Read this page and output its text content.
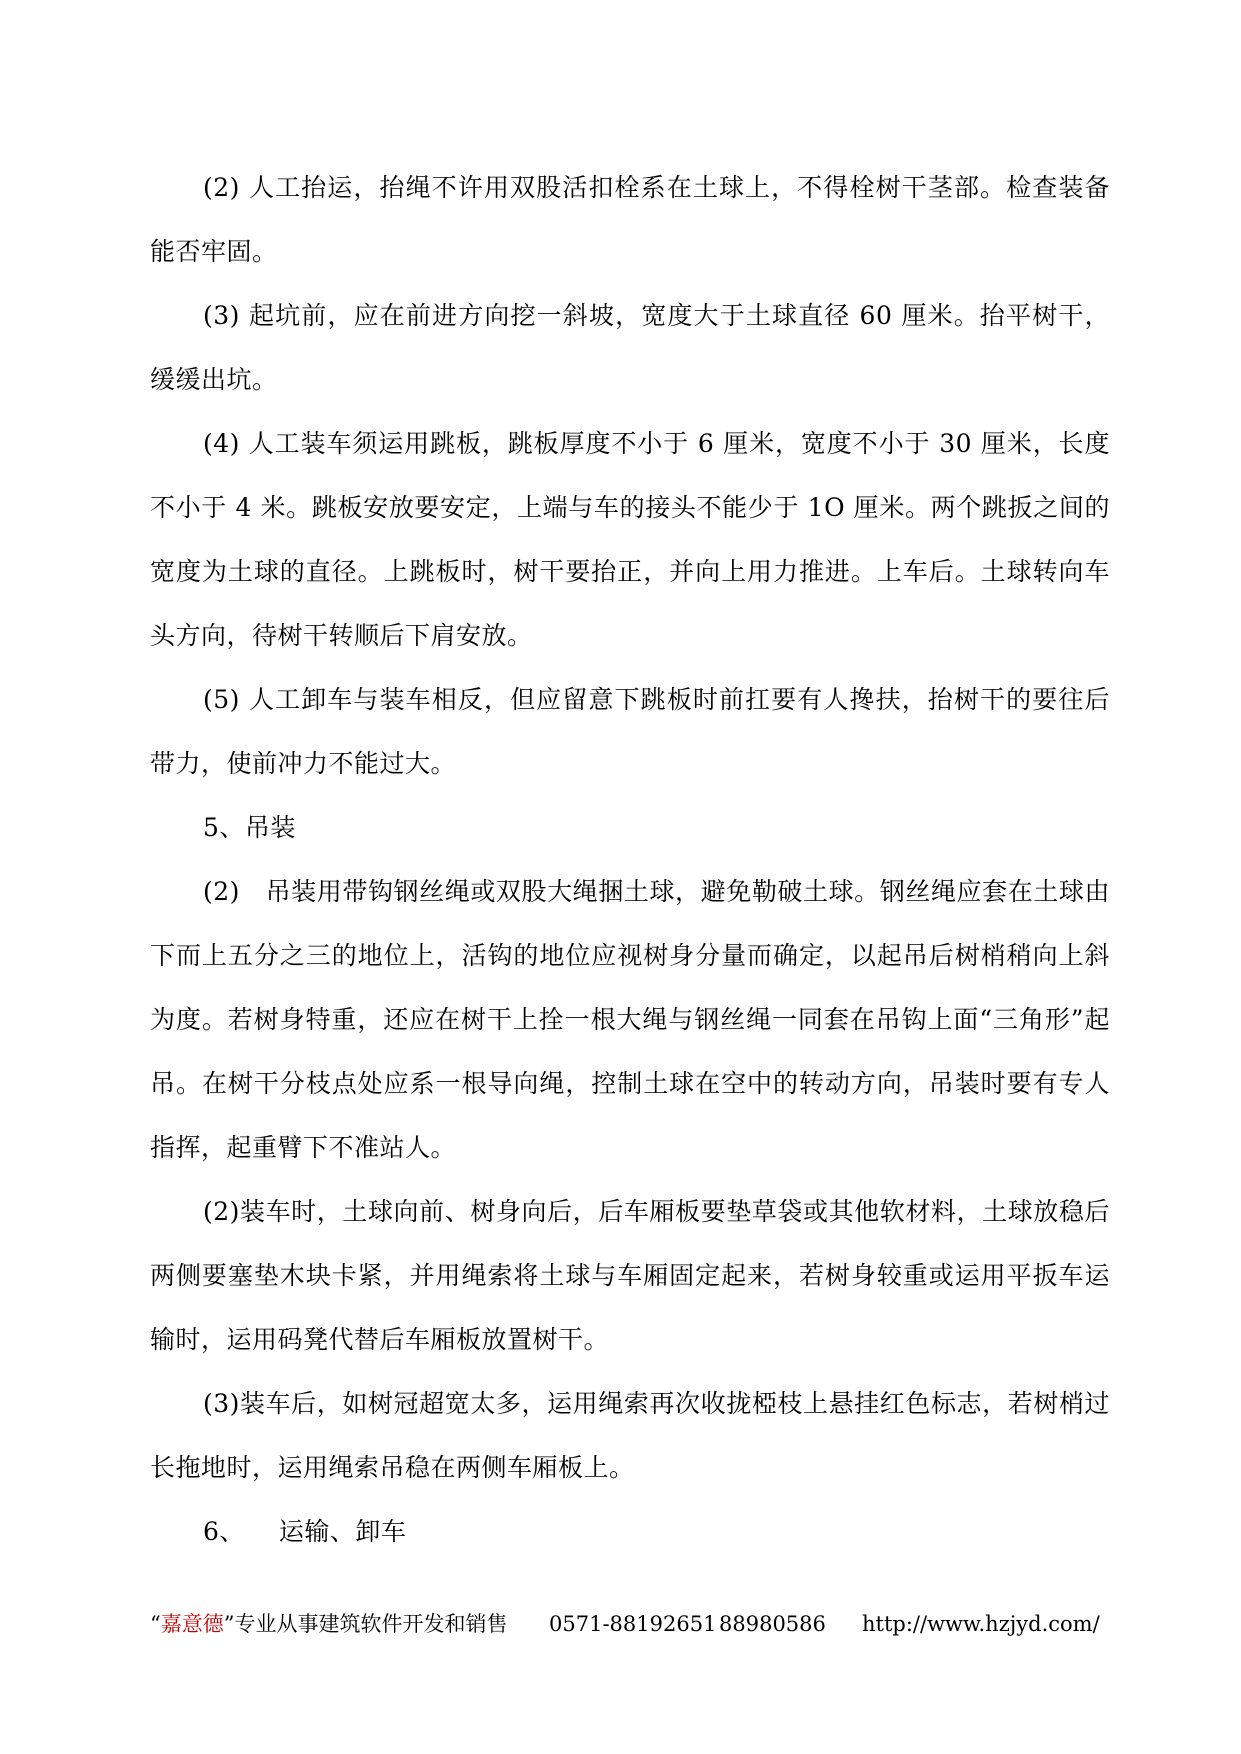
(2) 人工抬运，抬绳不许用双股活扣栓系在土球上，不得栓树干茎部。检查装备能否牢固。

(3) 起坑前，应在前进方向挖一斜坡，宽度大于土球直径 60 厘米。抬平树干，缓缓出坑。

(4) 人工装车须运用跳板，跳板厚度不小于 6 厘米，宽度不小于 30 厘米，长度不小于 4 米。跳板安放要安定，上端与车的接头不能少于 1O 厘米。两个跳扳之间的宽度为土球的直径。上跳板时，树干要抬正，并向上用力推进。上车后。土球转向车头方向，待树干转顺后下肩安放。

(5) 人工卸车与装车相反，但应留意下跳板时前扛要有人搀扶，抬树干的要往后带力，使前冲力不能过大。

5、吊装

(2)　吊装用带钩钢丝绳或双股大绳捆土球，避免勒破土球。钢丝绳应套在土球由下而上五分之三的地位上，活钩的地位应视树身分量而确定，以起吊后树梢稍向上斜为度。若树身特重，还应在树干上拴一根大绳与钢丝绳一同套在吊钩上面“三角形”起吊。在树干分枝点处应系一根导向绳，控制土球在空中的转动方向，吊装时要有专人指挥，起重臂下不准站人。

(2)装车时，土球向前、树身向后，后车厢板要垫草袋或其他软材料，土球放稳后两侧要塞垫木块卡紧，并用绳索将土球与车厢固定起来，若树身较重或运用平扳车运输时，运用码凳代替后车厢板放置树干。

(3)装车后，如树冠超宽太多，运用绳索再次收拢椏枝上悬挂红色标志，若树梢过长拖地时，运用绳索吊稳在两侧车厢板上。

6、 运输、卸车

“嘉意德”专业从事建筑软件开发和销售 0571-88192651 88980586 http://www.hzjyd.com/
